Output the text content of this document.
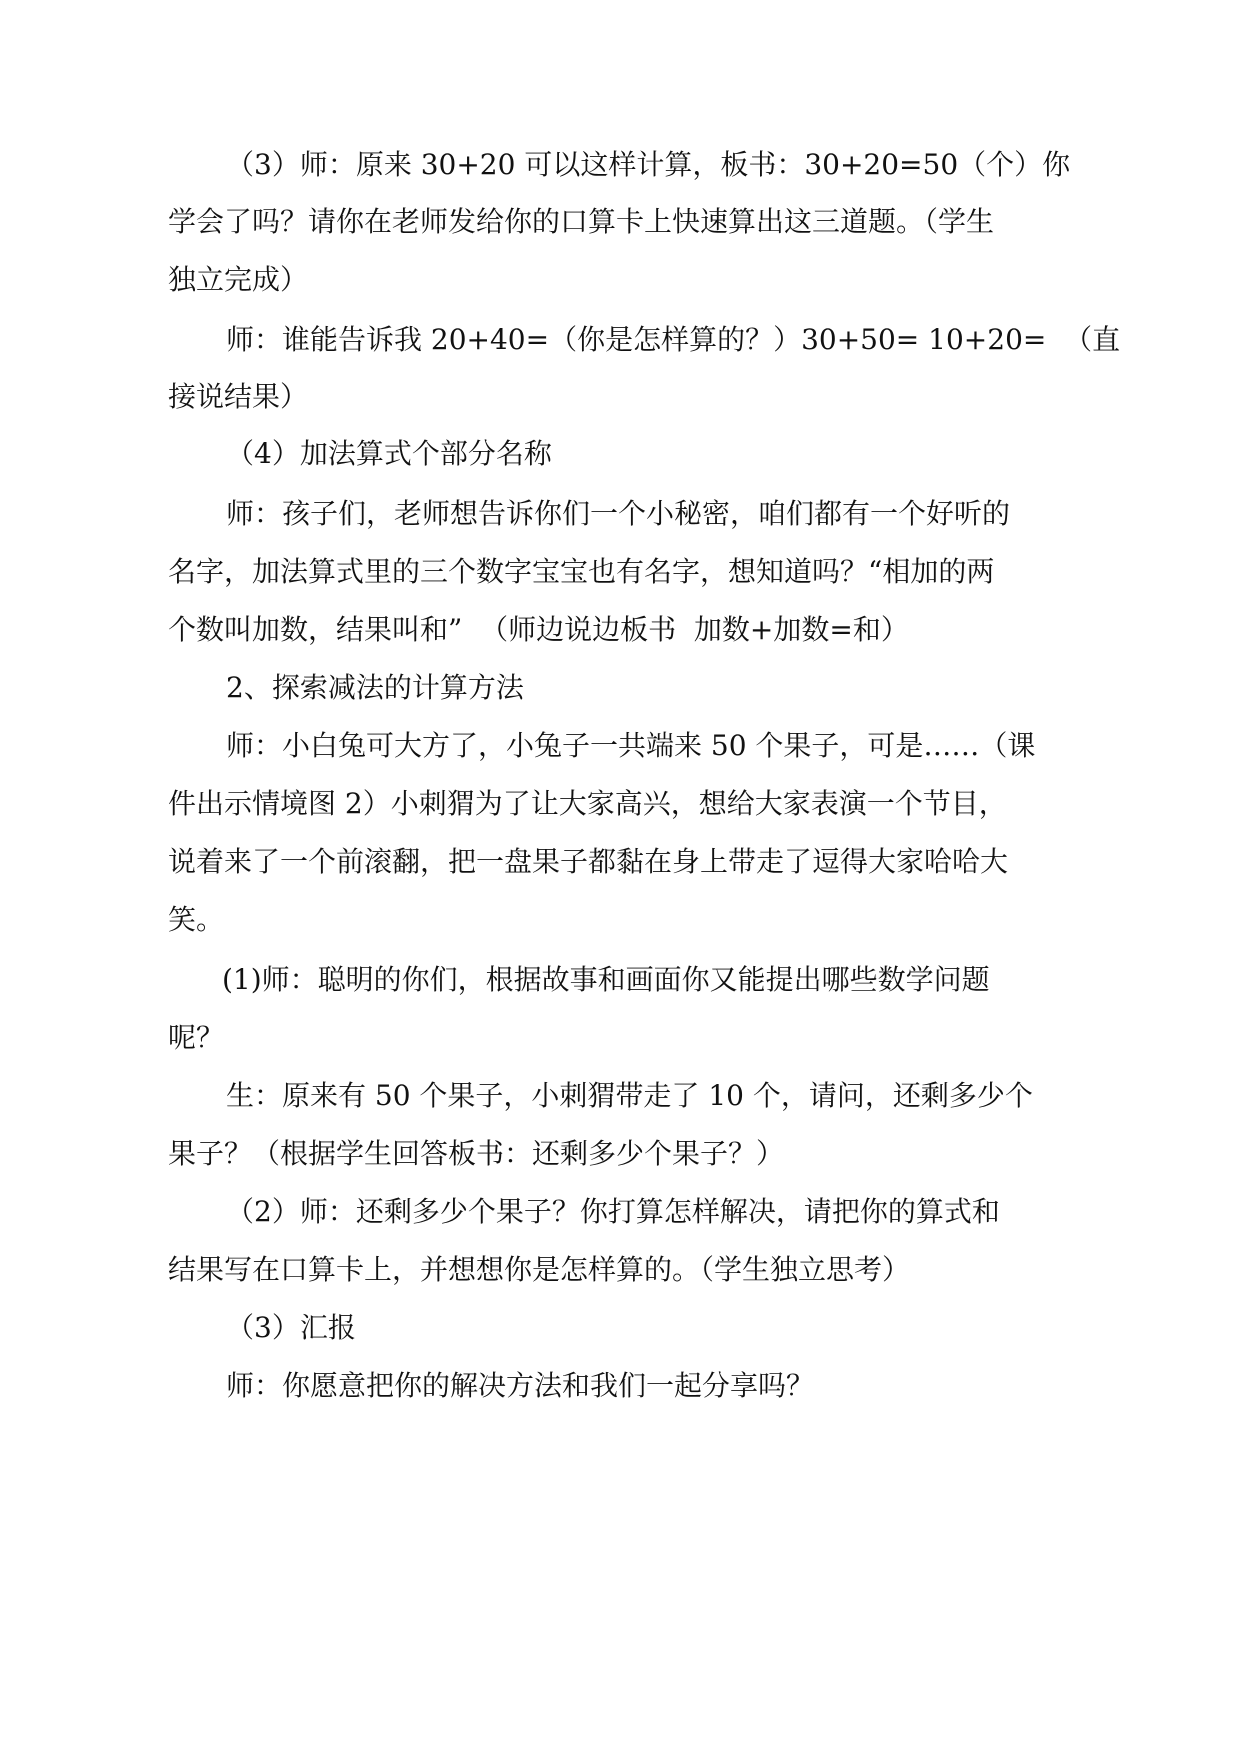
（3）师：原来 30+20 可以这样计算，板书：30+20=50（个）你
学会了吗？请你在老师发给你的口算卡上快速算出这三道题。（学生
独立完成）
师：谁能告诉我 20+40=（你是怎样算的？）30+50= 10+20=  （直
接说结果）
（4）加法算式个部分名称
师：孩子们，老师想告诉你们一个小秘密，咱们都有一个好听的
名字，加法算式里的三个数字宝宝也有名字，想知道吗？“相加的两
个数叫加数，结果叫和”  （师边说边板书  加数+加数=和）
2、探索减法的计算方法
师：小白兔可大方了，小兔子一共端来 50 个果子，可是……（课
件出示情境图 2）小刺猬为了让大家高兴，想给大家表演一个节目，
说着来了一个前滚翻，把一盘果子都黏在身上带走了逗得大家哈哈大
笑。
(1)师：聪明的你们，根据故事和画面你又能提出哪些数学问题
呢？
生：原来有 50 个果子，小刺猬带走了 10 个，请问，还剩多少个
果子？（根据学生回答板书：还剩多少个果子？）
（2）师：还剩多少个果子？你打算怎样解决，请把你的算式和
结果写在口算卡上，并想想你是怎样算的。（学生独立思考）
（3）汇报
师：你愿意把你的解决方法和我们一起分享吗？
